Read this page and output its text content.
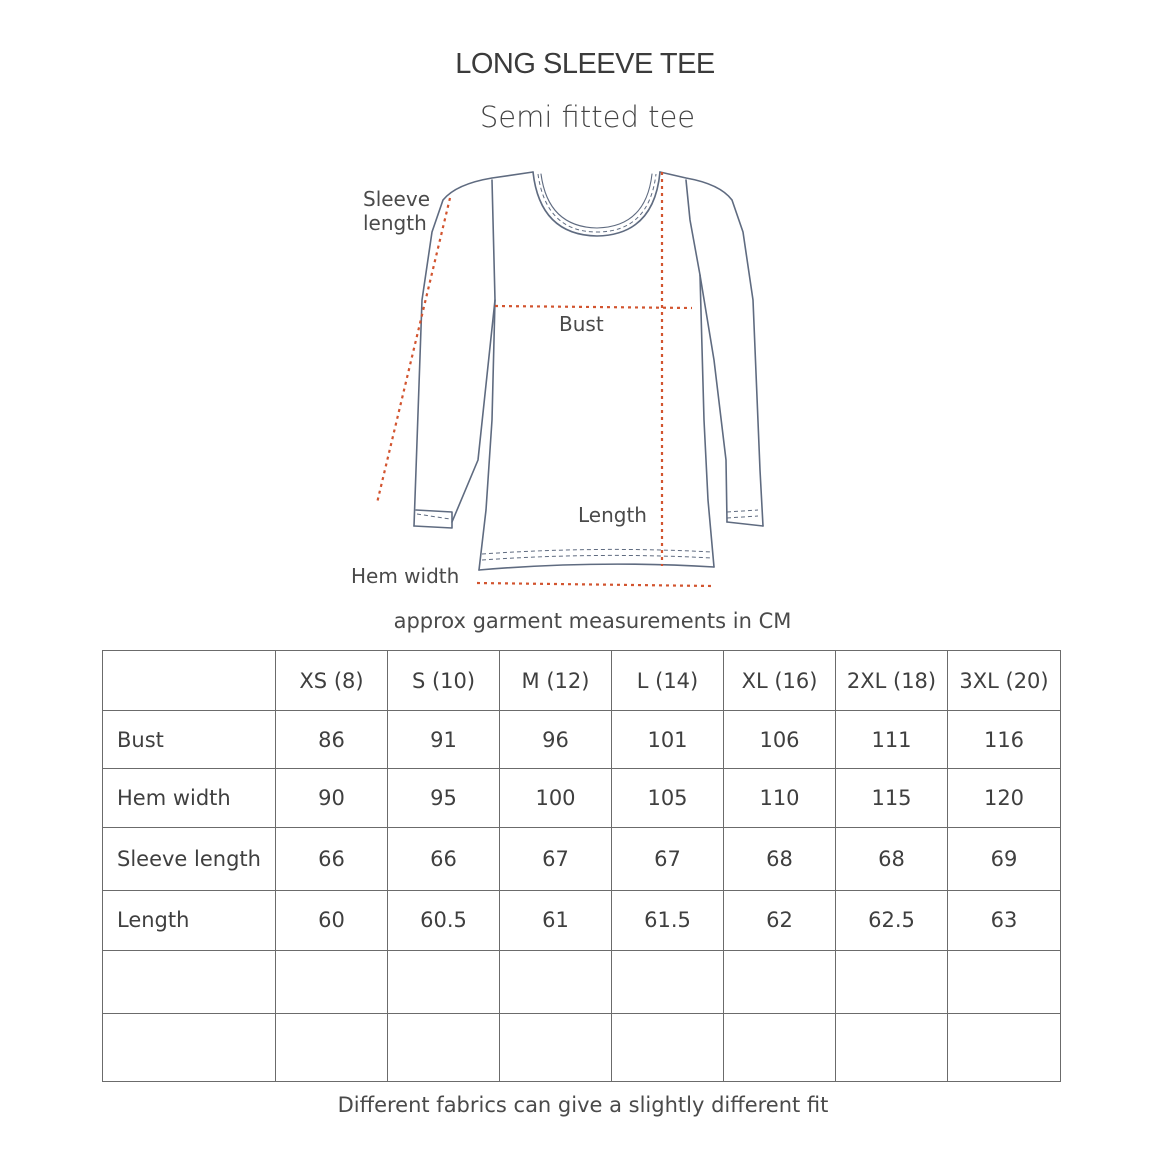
LONG SLEEVE TEE
Semi fitted tee
Sleeve
length
Bust
Length
Hem width
approx garment measurements in CM
	XS (8)	S (10)	M (12)	L (14)	XL (16)	2XL (18)	3XL (20)
Bust	86	91	96	101	106	111	116
Hem width	90	95	100	105	110	115	120
Sleeve length	66	66	67	67	68	68	69
Length	60	60.5	61	61.5	62	62.5	63

Different fabrics can give a slightly different fit
